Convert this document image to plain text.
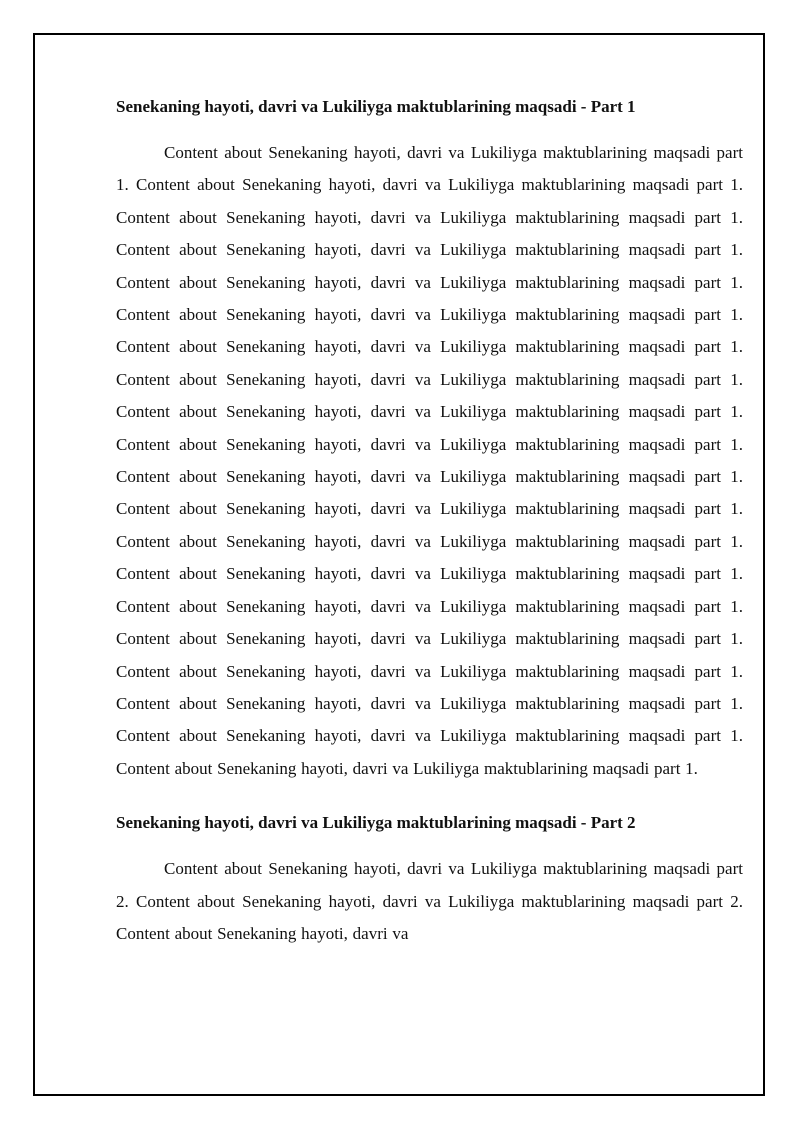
Senekaning hayoti, davri va Lukiliyga maktublarining maqsadi - Part 1

Content about Senekaning hayoti, davri va Lukiliyga maktublarining maqsadi part 1. Content about Senekaning hayoti, davri va Lukiliyga maktublarining maqsadi part 1. Content about Senekaning hayoti, davri va Lukiliyga maktublarining maqsadi part 1. Content about Senekaning hayoti, davri va Lukiliyga maktublarining maqsadi part 1. Content about Senekaning hayoti, davri va Lukiliyga maktublarining maqsadi part 1. Content about Senekaning hayoti, davri va Lukiliyga maktublarining maqsadi part 1. Content about Senekaning hayoti, davri va Lukiliyga maktublarining maqsadi part 1. Content about Senekaning hayoti, davri va Lukiliyga maktublarining maqsadi part 1. Content about Senekaning hayoti, davri va Lukiliyga maktublarining maqsadi part 1. Content about Senekaning hayoti, davri va Lukiliyga maktublarining maqsadi part 1. Content about Senekaning hayoti, davri va Lukiliyga maktublarining maqsadi part 1. Content about Senekaning hayoti, davri va Lukiliyga maktublarining maqsadi part 1. Content about Senekaning hayoti, davri va Lukiliyga maktublarining maqsadi part 1. Content about Senekaning hayoti, davri va Lukiliyga maktublarining maqsadi part 1. Content about Senekaning hayoti, davri va Lukiliyga maktublarining maqsadi part 1. Content about Senekaning hayoti, davri va Lukiliyga maktublarining maqsadi part 1. Content about Senekaning hayoti, davri va Lukiliyga maktublarining maqsadi part 1. Content about Senekaning hayoti, davri va Lukiliyga maktublarining maqsadi part 1. Content about Senekaning hayoti, davri va Lukiliyga maktublarining maqsadi part 1. Content about Senekaning hayoti, davri va Lukiliyga maktublarining maqsadi part 1.

Senekaning hayoti, davri va Lukiliyga maktublarining maqsadi - Part 2

Content about Senekaning hayoti, davri va Lukiliyga maktublarining maqsadi part 2. Content about Senekaning hayoti, davri va Lukiliyga maktublarining maqsadi part 2. Content about Senekaning hayoti, davri va
